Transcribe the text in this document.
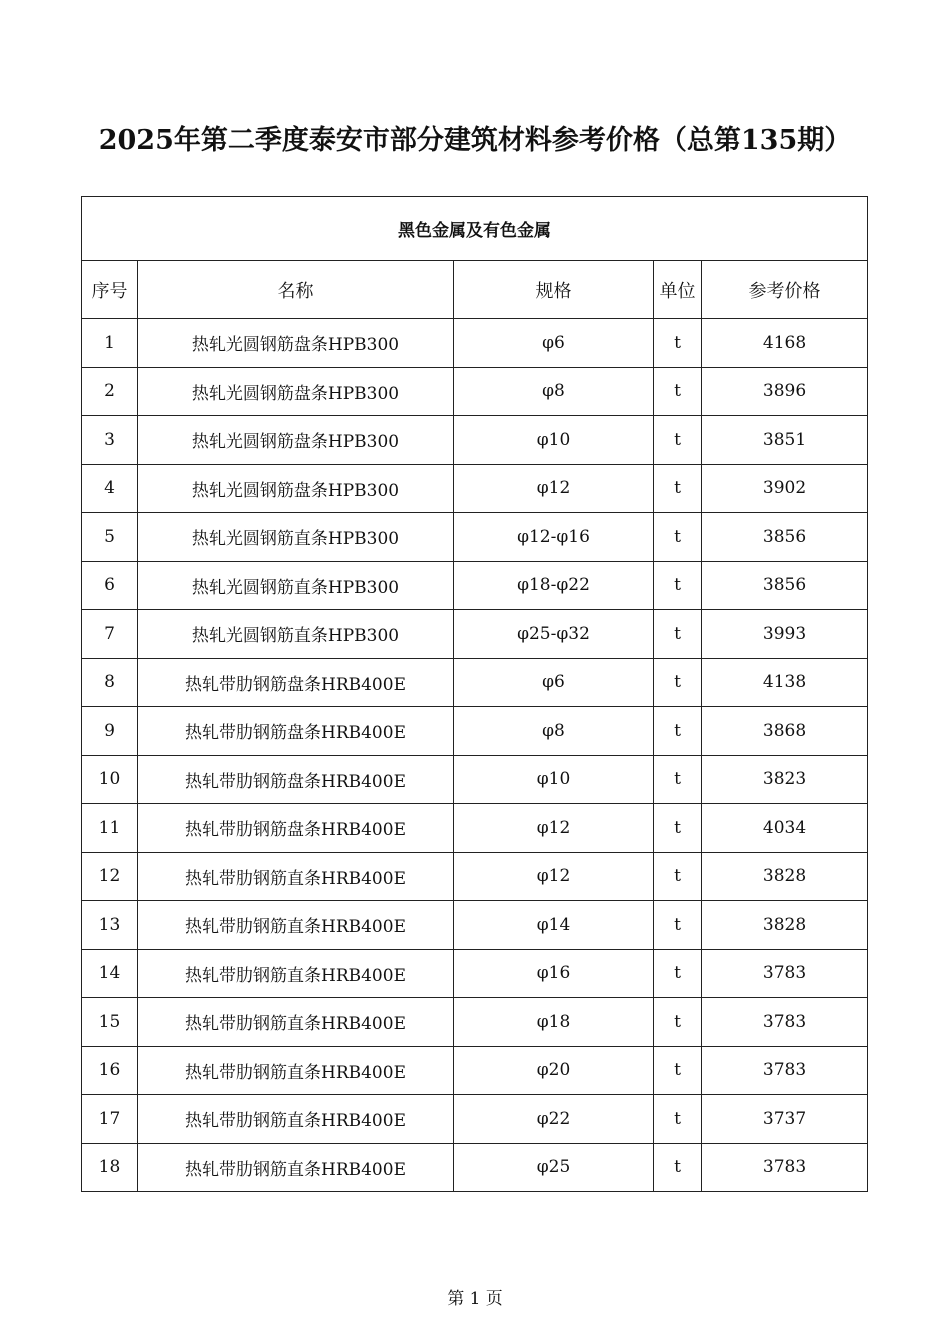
2025年第二季度泰安市部分建筑材料参考价格（总第135期）
黑色金属及有色金属				
序号	名称	规格	单位	参考价格
1	热轧光圆钢筋盘条HPB300	φ6	t	4168
2	热轧光圆钢筋盘条HPB300	φ8	t	3896
3	热轧光圆钢筋盘条HPB300	φ10	t	3851
4	热轧光圆钢筋盘条HPB300	φ12	t	3902
5	热轧光圆钢筋直条HPB300	φ12-φ16	t	3856
6	热轧光圆钢筋直条HPB300	φ18-φ22	t	3856
7	热轧光圆钢筋直条HPB300	φ25-φ32	t	3993
8	热轧带肋钢筋盘条HRB400E	φ6	t	4138
9	热轧带肋钢筋盘条HRB400E	φ8	t	3868
10	热轧带肋钢筋盘条HRB400E	φ10	t	3823
11	热轧带肋钢筋盘条HRB400E	φ12	t	4034
12	热轧带肋钢筋直条HRB400E	φ12	t	3828
13	热轧带肋钢筋直条HRB400E	φ14	t	3828
14	热轧带肋钢筋直条HRB400E	φ16	t	3783
15	热轧带肋钢筋直条HRB400E	φ18	t	3783
16	热轧带肋钢筋直条HRB400E	φ20	t	3783
17	热轧带肋钢筋直条HRB400E	φ22	t	3737
18	热轧带肋钢筋直条HRB400E	φ25	t	3783
第 1 页
